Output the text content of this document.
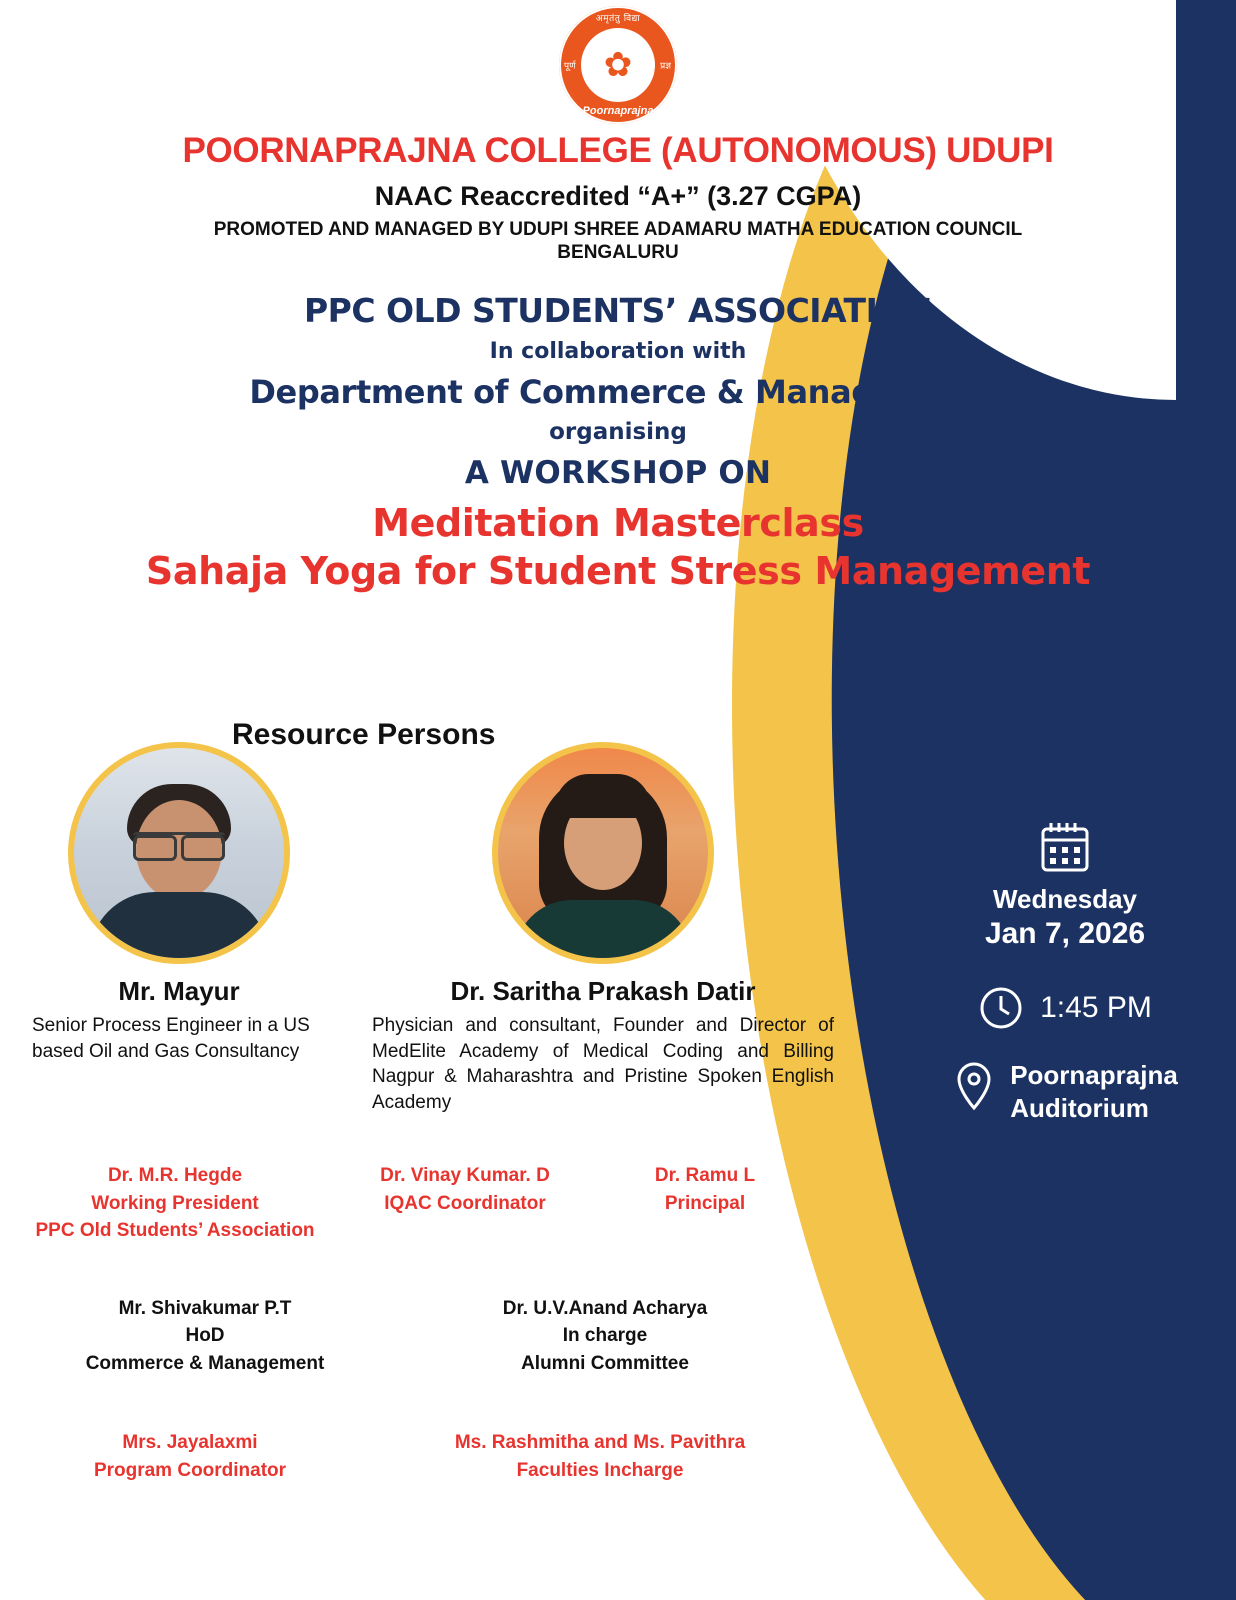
अमृतंतु विद्या
पूर्ण	प्रज्ञ
✿
Poornaprajna
POORNAPRAJNA COLLEGE (AUTONOMOUS) UDUPI
NAAC Reaccredited “A+” (3.27 CGPA)
PROMOTED AND MANAGED BY UDUPI SHREE ADAMARU MATHA EDUCATION COUNCIL
BENGALURU
PPC OLD STUDENTS’ ASSOCIATION
In collaboration with
Department of Commerce & Management
organising
A WORKSHOP ON
Meditation Masterclass
Sahaja Yoga for Student Stress Management
Resource Persons
Mr. Mayur
Senior Process Engineer in a US based Oil and Gas Consultancy
Dr. Saritha Prakash Datir
Physician and consultant, Founder and Director of MedElite Academy of Medical Coding and Billing Nagpur & Maharashtra and Pristine Spoken English Academy
Wednesday
Jan 7, 2026
1:45 PM
Poornaprajna
Auditorium
Dr. M.R. Hegde
Working President
PPC Old Students’ Association
Dr. Vinay Kumar. D
IQAC Coordinator
Dr. Ramu L
Principal
Mr. Shivakumar P.T
HoD
Commerce & Management
Dr. U.V.Anand Acharya
In charge
Alumni Committee
Mrs. Jayalaxmi
Program Coordinator
Ms. Rashmitha and Ms. Pavithra
Faculties Incharge
